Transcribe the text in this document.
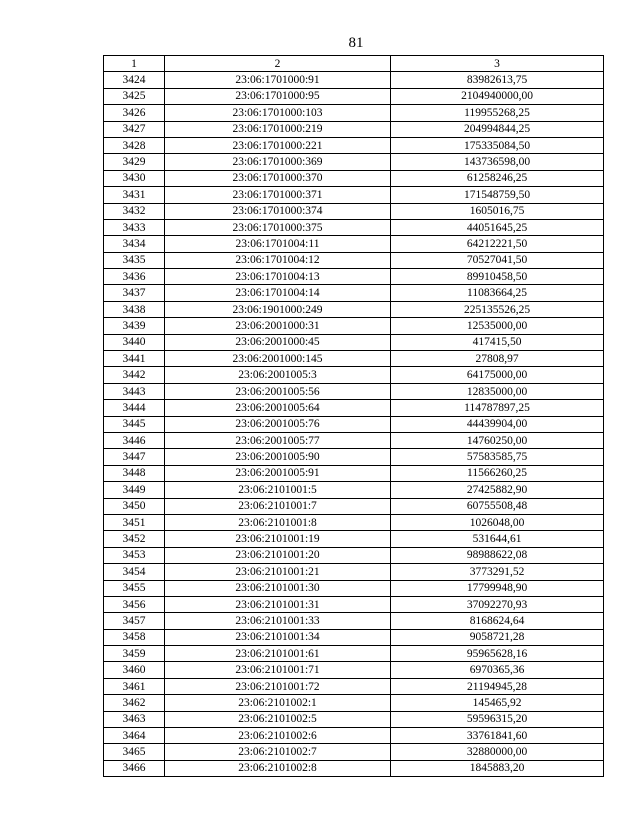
81
1	2	3
3424	23:06:1701000:91	83982613,75
3425	23:06:1701000:95	2104940000,00
3426	23:06:1701000:103	119955268,25
3427	23:06:1701000:219	204994844,25
3428	23:06:1701000:221	175335084,50
3429	23:06:1701000:369	143736598,00
3430	23:06:1701000:370	61258246,25
3431	23:06:1701000:371	171548759,50
3432	23:06:1701000:374	1605016,75
3433	23:06:1701000:375	44051645,25
3434	23:06:1701004:11	64212221,50
3435	23:06:1701004:12	70527041,50
3436	23:06:1701004:13	89910458,50
3437	23:06:1701004:14	11083664,25
3438	23:06:1901000:249	225135526,25
3439	23:06:2001000:31	12535000,00
3440	23:06:2001000:45	417415,50
3441	23:06:2001000:145	27808,97
3442	23:06:2001005:3	64175000,00
3443	23:06:2001005:56	12835000,00
3444	23:06:2001005:64	114787897,25
3445	23:06:2001005:76	44439904,00
3446	23:06:2001005:77	14760250,00
3447	23:06:2001005:90	57583585,75
3448	23:06:2001005:91	11566260,25
3449	23:06:2101001:5	27425882,90
3450	23:06:2101001:7	60755508,48
3451	23:06:2101001:8	1026048,00
3452	23:06:2101001:19	531644,61
3453	23:06:2101001:20	98988622,08
3454	23:06:2101001:21	3773291,52
3455	23:06:2101001:30	17799948,90
3456	23:06:2101001:31	37092270,93
3457	23:06:2101001:33	8168624,64
3458	23:06:2101001:34	9058721,28
3459	23:06:2101001:61	95965628,16
3460	23:06:2101001:71	6970365,36
3461	23:06:2101001:72	21194945,28
3462	23:06:2101002:1	145465,92
3463	23:06:2101002:5	59596315,20
3464	23:06:2101002:6	33761841,60
3465	23:06:2101002:7	32880000,00
3466	23:06:2101002:8	1845883,20
